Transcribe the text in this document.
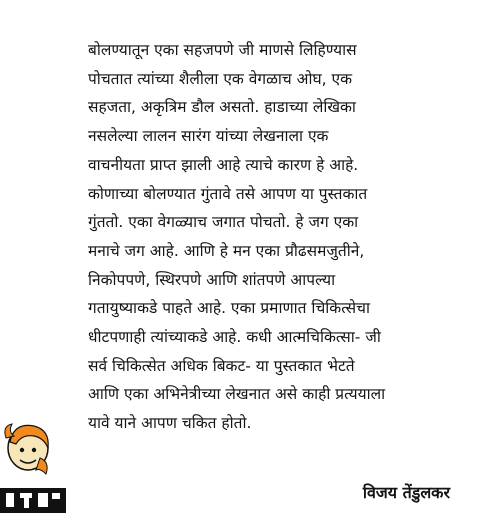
बोलण्यातून एका सहजपणे जी माणसे लिहिण्यास
पोचतात त्यांच्या शैलीला एक वेगळाच ओघ, एक
सहजता, अकृत्रिम डौल असतो. हाडाच्या लेखिका
नसलेल्या लालन सारंग यांच्या लेखनाला एक
वाचनीयता प्राप्त झाली आहे त्याचे कारण हे आहे.
कोणाच्या बोलण्यात गुंतावे तसे आपण या पुस्तकात
गुंततो. एका वेगळ्याच जगात पोचतो. हे जग एका
मनाचे जग आहे. आणि हे मन एका प्रौढसमजुतीने,
निकोपपणे, स्थिरपणे आणि शांतपणे आपल्या
गतायुष्याकडे पाहते आहे. एका प्रमाणात चिकित्सेचा
धीटपणाही त्यांच्याकडे आहे. कधी आत्मचिकित्सा- जी
सर्व चिकित्सेत अधिक बिकट- या पुस्तकात भेटते
आणि एका अभिनेत्रीच्या लेखनात असे काही प्रत्ययाला
यावे याने आपण चकित होतो.
विजय तेंडुलकर
